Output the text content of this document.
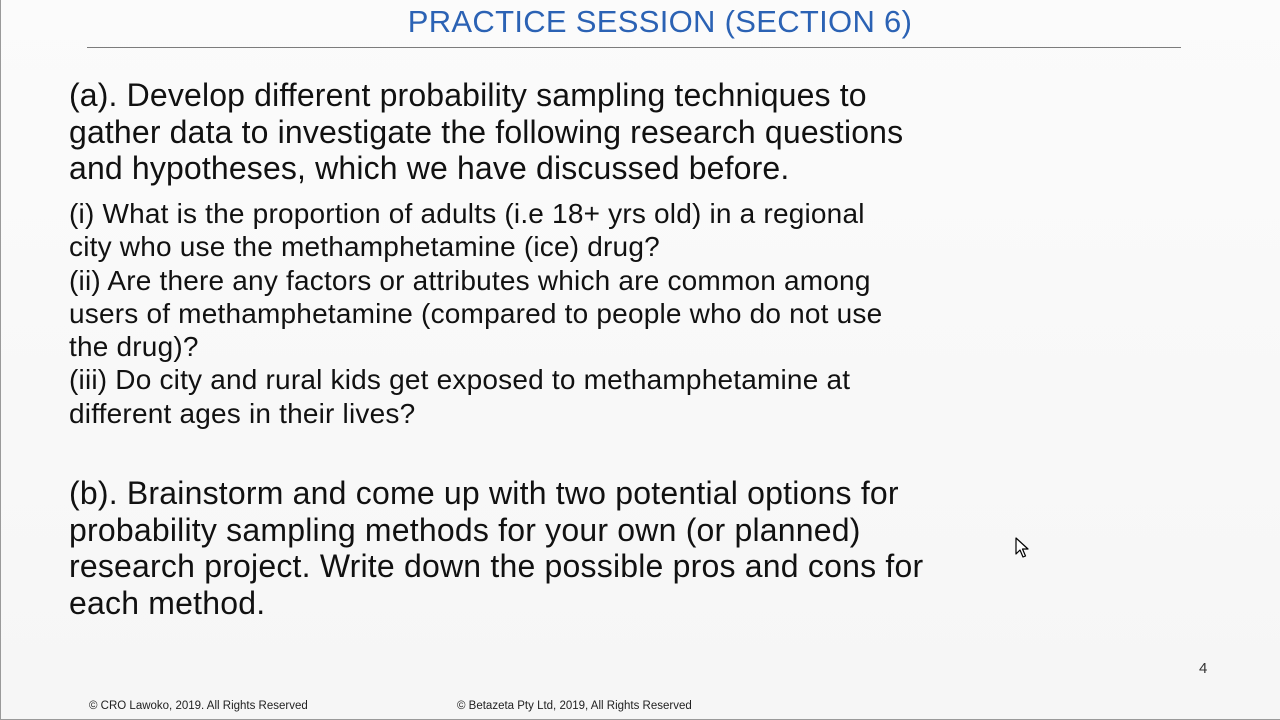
PRACTICE SESSION (SECTION 6)
(a). Develop different probability sampling techniques to
gather data to investigate the following research questions
and hypotheses, which we have discussed before.
(i) What is the proportion of adults (i.e 18+ yrs old) in a regional
city who use the methamphetamine (ice) drug?
(ii) Are there any factors or attributes which are common among
users of methamphetamine (compared to people who do not use
the drug)?
(iii) Do city and rural kids get exposed to methamphetamine at
different ages in their lives?
(b). Brainstorm and come up with two potential options for
probability sampling methods for your own (or planned)
research project. Write down the possible pros and cons for
each method.
4
© CRO Lawoko, 2019. All Rights Reserved	© Betazeta Pty Ltd, 2019, All Rights Reserved
